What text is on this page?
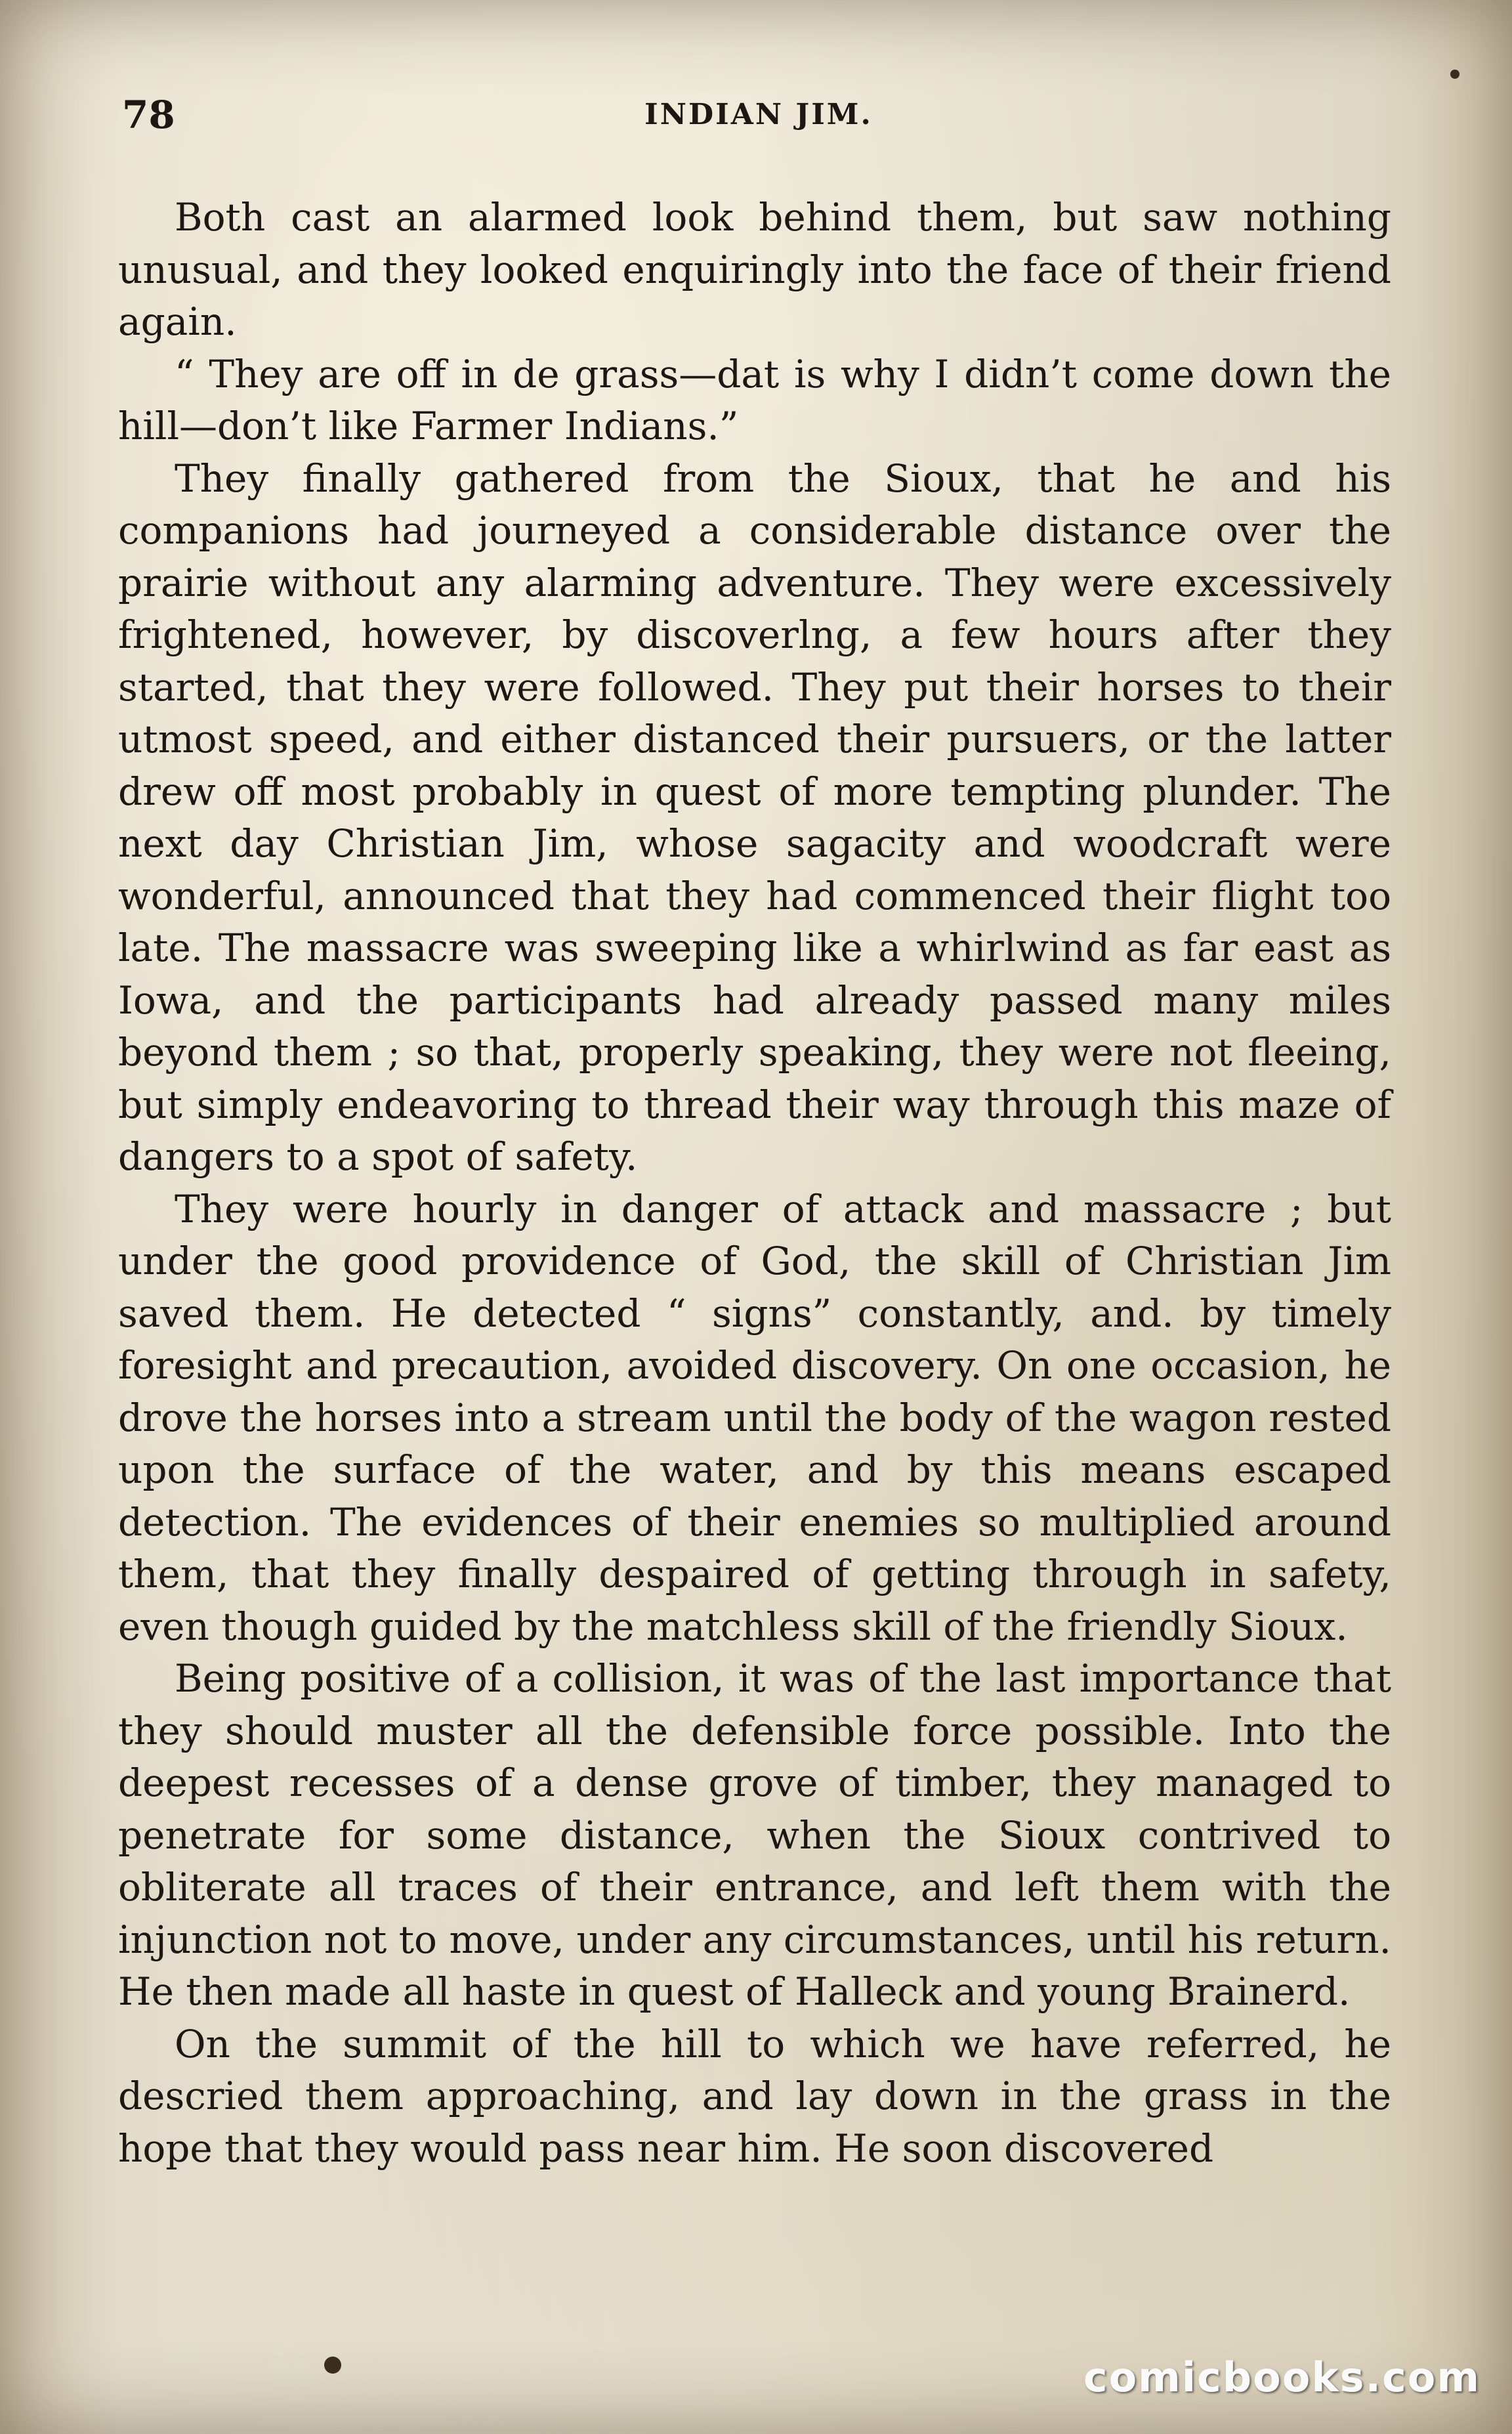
78	INDIAN JIM.

Both cast an alarmed look behind them, but saw nothing unusual, and they looked enquiringly into the face of their friend again.

“ They are off in de grass—dat is why I didn’t come down the hill—don’t like Farmer Indians.”

They finally gathered from the Sioux, that he and his companions had journeyed a considerable distance over the prairie without any alarming adventure. They were excessively frightened, however, by discoverlng, a few hours after they started, that they were followed. They put their horses to their utmost speed, and either distanced their pursuers, or the latter drew off most probably in quest of more tempting plunder. The next day Christian Jim, whose sagacity and woodcraft were wonderful, announced that they had commenced their flight too late. The massacre was sweeping like a whirlwind as far east as Iowa, and the participants had already passed many miles beyond them ; so that, properly speaking, they were not fleeing, but simply endeavoring to thread their way through this maze of dangers to a spot of safety.

They were hourly in danger of attack and massacre ; but under the good providence of God, the skill of Christian Jim saved them. He detected “ signs” constantly, and. by timely foresight and precaution, avoided discovery. On one occasion, he drove the horses into a stream until the body of the wagon rested upon the surface of the water, and by this means escaped detection. The evidences of their enemies so multiplied around them, that they finally despaired of getting through in safety, even though guided by the matchless skill of the friendly Sioux.

Being positive of a collision, it was of the last importance that they should muster all the defensible force possible. Into the deepest recesses of a dense grove of timber, they managed to penetrate for some distance, when the Sioux contrived to obliterate all traces of their entrance, and left them with the injunction not to move, under any circumstances, until his return. He then made all haste in quest of Halleck and young Brainerd.

On the summit of the hill to which we have referred, he descried them approaching, and lay down in the grass in the hope that they would pass near him. He soon discovered

comicbooks.com
